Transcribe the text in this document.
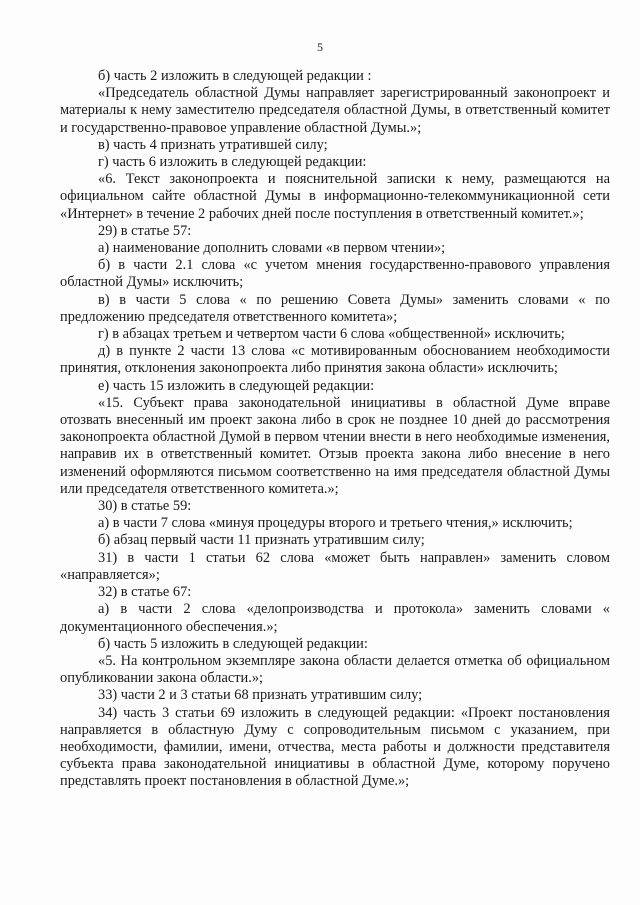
5

б) часть 2 изложить в следующей редакции :

«Председатель областной Думы направляет зарегистрированный законопроект и материалы к нему заместителю председателя областной Думы, в ответственный комитет и государственно-правовое управление областной Думы.»;

в) часть 4 признать утратившей силу;

г) часть 6 изложить в следующей редакции:

«6. Текст законопроекта и пояснительной записки к нему, размещаются на официальном сайте областной Думы в информационно-телекоммуникационной сети «Интернет» в течение 2 рабочих дней после поступления в ответственный комитет.»;

29) в статье 57:

а) наименование дополнить словами «в первом чтении»;

б) в части 2.1 слова «с учетом мнения государственно-правового управления областной Думы» исключить;

в) в части 5 слова « по решению Совета Думы» заменить словами « по предложению председателя ответственного комитета»;

г) в абзацах третьем и четвертом части 6 слова «общественной» исключить;

д) в пункте 2 части 13 слова «с мотивированным обоснованием необходимости принятия, отклонения законопроекта либо принятия закона области» исключить;

е) часть 15 изложить в следующей редакции:

«15. Субъект права законодательной инициативы в областной Думе вправе отозвать внесенный им проект закона либо в срок не позднее 10 дней до рассмотрения законопроекта областной Думой в первом чтении внести в него необходимые изменения, направив их в ответственный комитет. Отзыв проекта закона либо внесение в него изменений оформляются письмом соответственно на имя председателя областной Думы или председателя ответственного комитета.»;

30) в статье 59:

а) в части 7 слова «минуя процедуры второго и третьего чтения,» исключить;

б) абзац первый части 11 признать утратившим силу;

31) в части 1 статьи 62 слова «может быть направлен» заменить словом «направляется»;

32) в статье 67:

а) в части 2 слова «делопроизводства и протокола» заменить словами « документационного обеспечения.»;

б) часть 5 изложить в следующей редакции:

«5. На контрольном экземпляре закона области делается отметка об официальном опубликовании закона области.»;

33) части 2 и 3 статьи 68 признать утратившим силу;

34) часть 3 статьи 69 изложить в следующей редакции: «Проект постановления направляется в областную Думу с сопроводительным письмом с указанием, при необходимости, фамилии, имени, отчества, места работы и должности представителя субъекта права законодательной инициативы в областной Думе, которому поручено представлять проект постановления в областной Думе.»;
